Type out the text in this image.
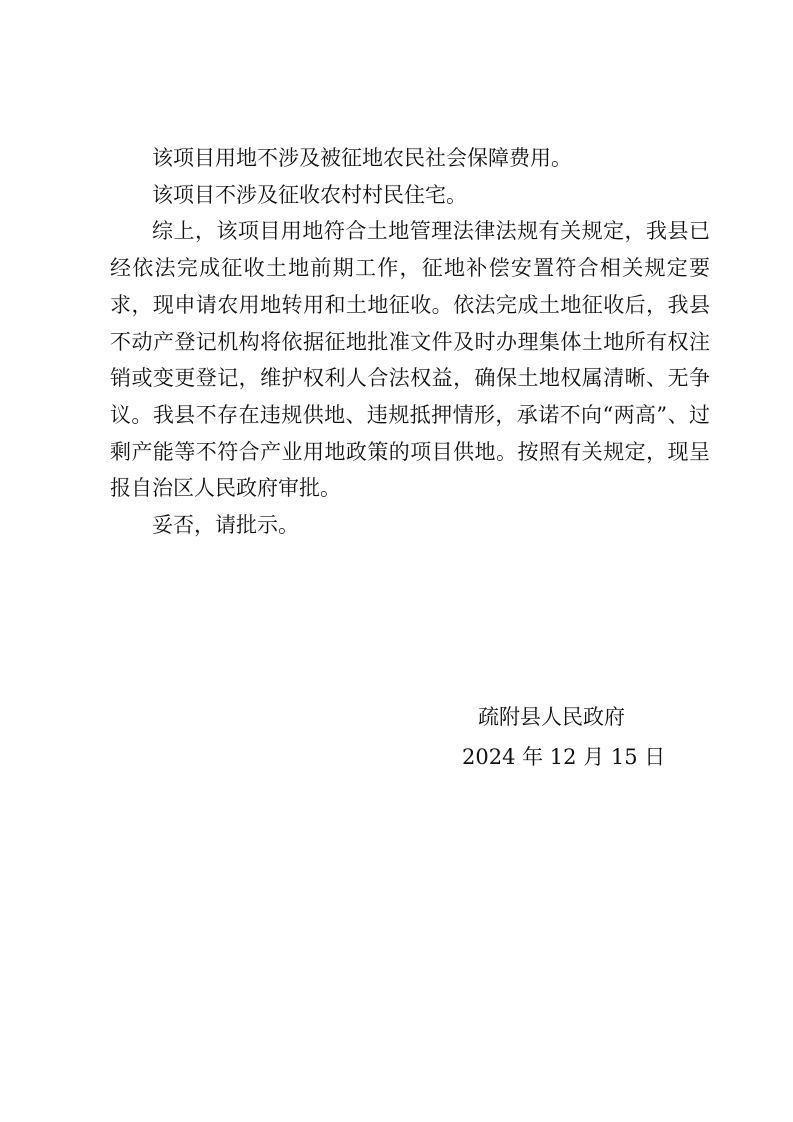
该项目用地不涉及被征地农民社会保障费用。

该项目不涉及征收农村村民住宅。

综上，该项目用地符合土地管理法律法规有关规定，我县已经依法完成征收土地前期工作，征地补偿安置符合相关规定要求，现申请农用地转用和土地征收。依法完成土地征收后，我县不动产登记机构将依据征地批准文件及时办理集体土地所有权注销或变更登记，维护权利人合法权益，确保土地权属清晰、无争议。我县不存在违规供地、违规抵押情形，承诺不向“两高”、过剩产能等不符合产业用地政策的项目供地。按照有关规定，现呈报自治区人民政府审批。

妥否，请批示。

疏附县人民政府
2024 年 12 月 15 日
